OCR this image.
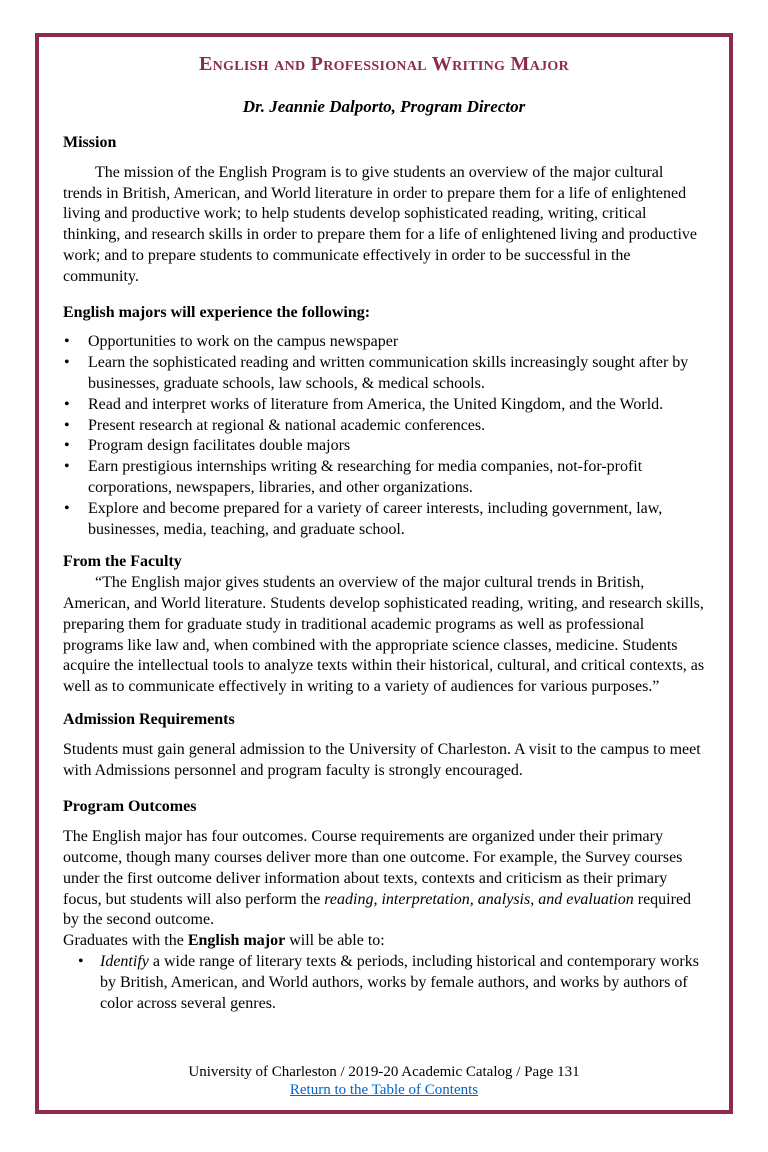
English and Professional Writing Major
Dr. Jeannie Dalporto, Program Director
Mission

The mission of the English Program is to give students an overview of the major cultural trends in British, American, and World literature in order to prepare them for a life of enlightened living and productive work; to help students develop sophisticated reading, writing, critical thinking, and research skills in order to prepare them for a life of enlightened living and productive work; and to prepare students to communicate effectively in order to be successful in the community.

English majors will experience the following:
• Opportunities to work on the campus newspaper
• Learn the sophisticated reading and written communication skills increasingly sought after by businesses, graduate schools, law schools, & medical schools.
• Read and interpret works of literature from America, the United Kingdom, and the World.
• Present research at regional & national academic conferences.
• Program design facilitates double majors
• Earn prestigious internships writing & researching for media companies, not-for-profit corporations, newspapers, libraries, and other organizations.
• Explore and become prepared for a variety of career interests, including government, law, businesses, media, teaching, and graduate school.
From the Faculty

“The English major gives students an overview of the major cultural trends in British, American, and World literature. Students develop sophisticated reading, writing, and research skills, preparing them for graduate study in traditional academic programs as well as professional programs like law and, when combined with the appropriate science classes, medicine. Students acquire the intellectual tools to analyze texts within their historical, cultural, and critical contexts, as well as to communicate effectively in writing to a variety of audiences for various purposes.”

Admission Requirements

Students must gain general admission to the University of Charleston. A visit to the campus to meet with Admissions personnel and program faculty is strongly encouraged.

Program Outcomes

The English major has four outcomes. Course requirements are organized under their primary outcome, though many courses deliver more than one outcome. For example, the Survey courses under the first outcome deliver information about texts, contexts and criticism as their primary focus, but students will also perform the reading, interpretation, analysis, and evaluation required by the second outcome.

Graduates with the English major will be able to:

• Identify a wide range of literary texts & periods, including historical and contemporary works by British, American, and World authors, works by female authors, and works by authors of color across several genres.
University of Charleston / 2019-20 Academic Catalog / Page 131
Return to the Table of Contents
